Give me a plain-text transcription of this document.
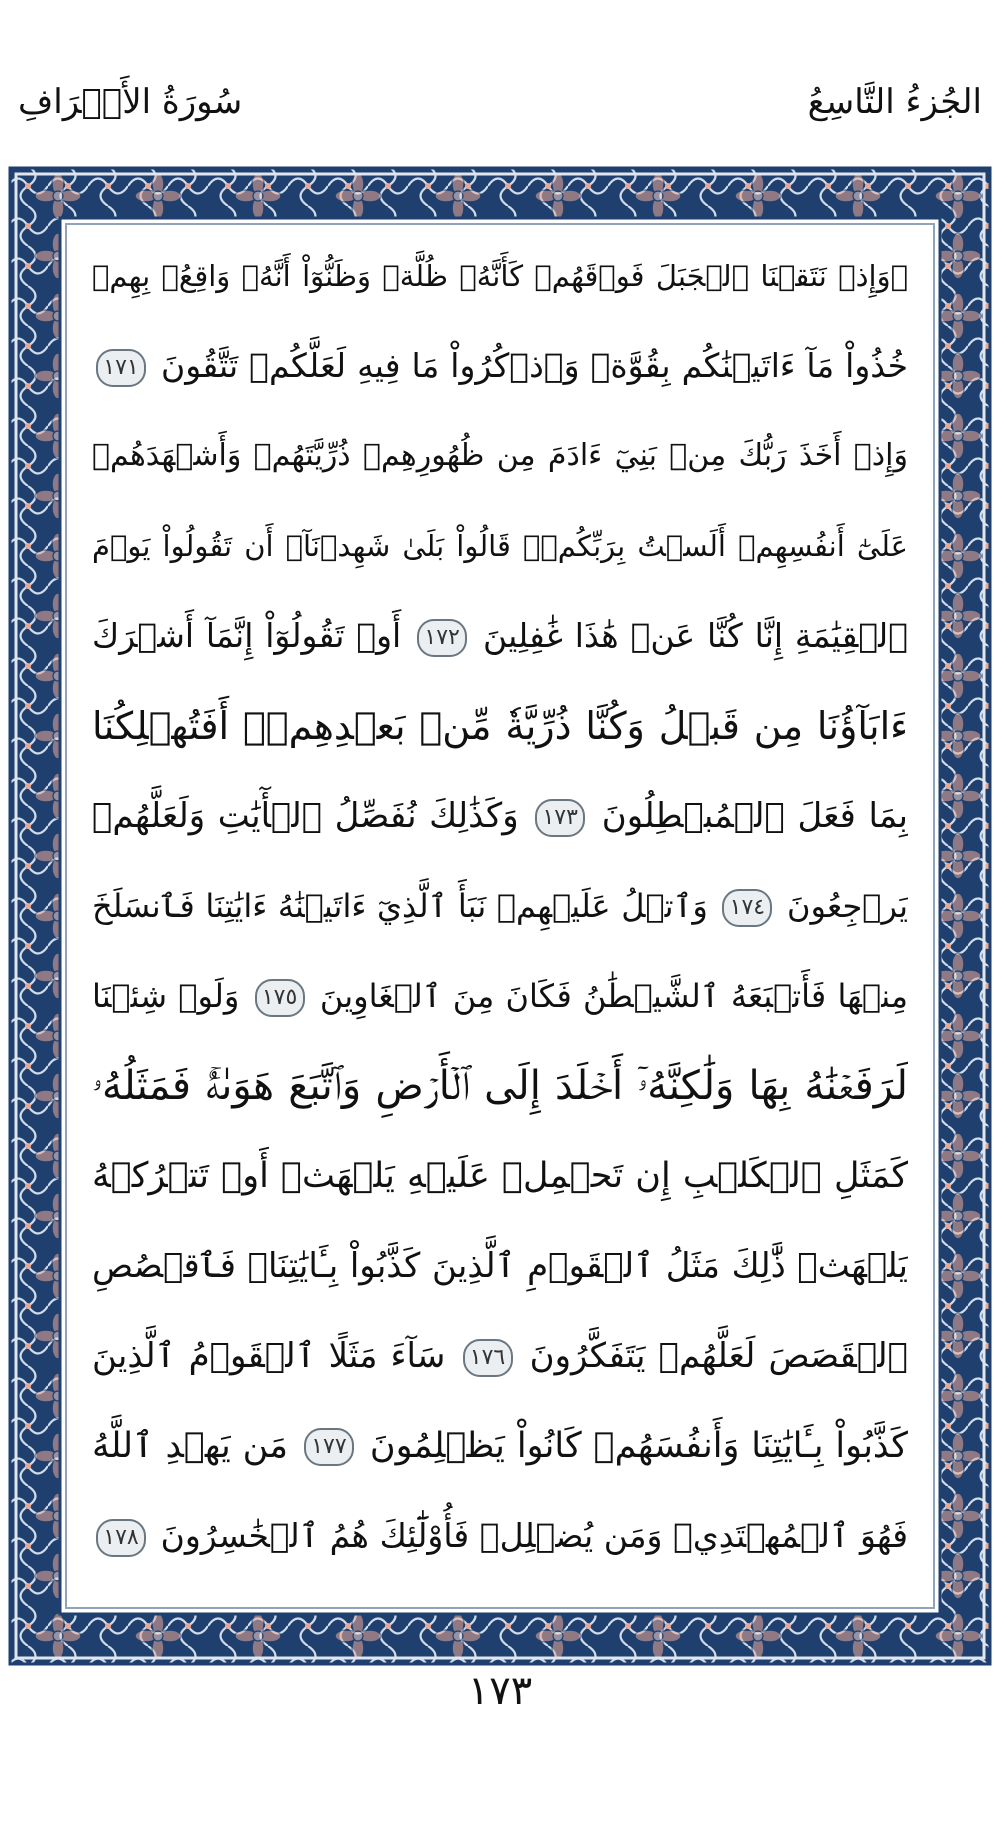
الجُزءُ التَّاسِعُ
سُورَةُ الأَعۡرَافِ
۞وَإِذۡ نَتَقۡنَا ٱلۡجَبَلَ فَوۡقَهُمۡ كَأَنَّهُۥ ظُلَّةٞ وَظَنُّوٓاْ أَنَّهُۥ وَاقِعُۢ بِهِمۡ
خُذُواْ مَآ ءَاتَيۡنَٰكُم بِقُوَّةٖ وَٱذۡكُرُواْ مَا فِيهِ لَعَلَّكُمۡ تَتَّقُونَ ١٧١
وَإِذۡ أَخَذَ رَبُّكَ مِنۢ بَنِيٓ ءَادَمَ مِن ظُهُورِهِمۡ ذُرِّيَّتَهُمۡ وَأَشۡهَدَهُمۡ
عَلَىٰٓ أَنفُسِهِمۡ أَلَسۡتُ بِرَبِّكُمۡۖ قَالُواْ بَلَىٰ شَهِدۡنَآۚ أَن تَقُولُواْ يَوۡمَ
ٱلۡقِيَٰمَةِ إِنَّا كُنَّا عَنۡ هَٰذَا غَٰفِلِينَ ١٧٢ أَوۡ تَقُولُوٓاْ إِنَّمَآ أَشۡرَكَ
ءَابَآؤُنَا مِن قَبۡلُ وَكُنَّا ذُرِّيَّةٗ مِّنۢ بَعۡدِهِمۡۖ أَفَتُهۡلِكُنَا
بِمَا فَعَلَ ٱلۡمُبۡطِلُونَ ١٧٣ وَكَذَٰلِكَ نُفَصِّلُ ٱلۡأٓيَٰتِ وَلَعَلَّهُمۡ
يَرۡجِعُونَ ١٧٤ وَٱتۡلُ عَلَيۡهِمۡ نَبَأَ ٱلَّذِيٓ ءَاتَيۡنَٰهُ ءَايَٰتِنَا فَٱنسَلَخَ
مِنۡهَا فَأَتۡبَعَهُ ٱلشَّيۡطَٰنُ فَكَانَ مِنَ ٱلۡغَاوِينَ ١٧٥ وَلَوۡ شِئۡنَا
لَرَفَعۡنَٰهُ بِهَا وَلَٰكِنَّهُۥٓ أَخۡلَدَ إِلَى ٱلۡأَرۡضِ وَٱتَّبَعَ هَوَىٰهُۚ فَمَثَلُهُۥ
كَمَثَلِ ٱلۡكَلۡبِ إِن تَحۡمِلۡ عَلَيۡهِ يَلۡهَثۡ أَوۡ تَتۡرُكۡهُ
يَلۡهَثۚ ذَّٰلِكَ مَثَلُ ٱلۡقَوۡمِ ٱلَّذِينَ كَذَّبُواْ بِـَٔايَٰتِنَاۚ فَٱقۡصُصِ
ٱلۡقَصَصَ لَعَلَّهُمۡ يَتَفَكَّرُونَ ١٧٦ سَآءَ مَثَلًا ٱلۡقَوۡمُ ٱلَّذِينَ
كَذَّبُواْ بِـَٔايَٰتِنَا وَأَنفُسَهُمۡ كَانُواْ يَظۡلِمُونَ ١٧٧ مَن يَهۡدِ ٱللَّهُ
فَهُوَ ٱلۡمُهۡتَدِيۖ وَمَن يُضۡلِلۡ فَأُوْلَٰٓئِكَ هُمُ ٱلۡخَٰسِرُونَ ١٧٨
١٧٣
